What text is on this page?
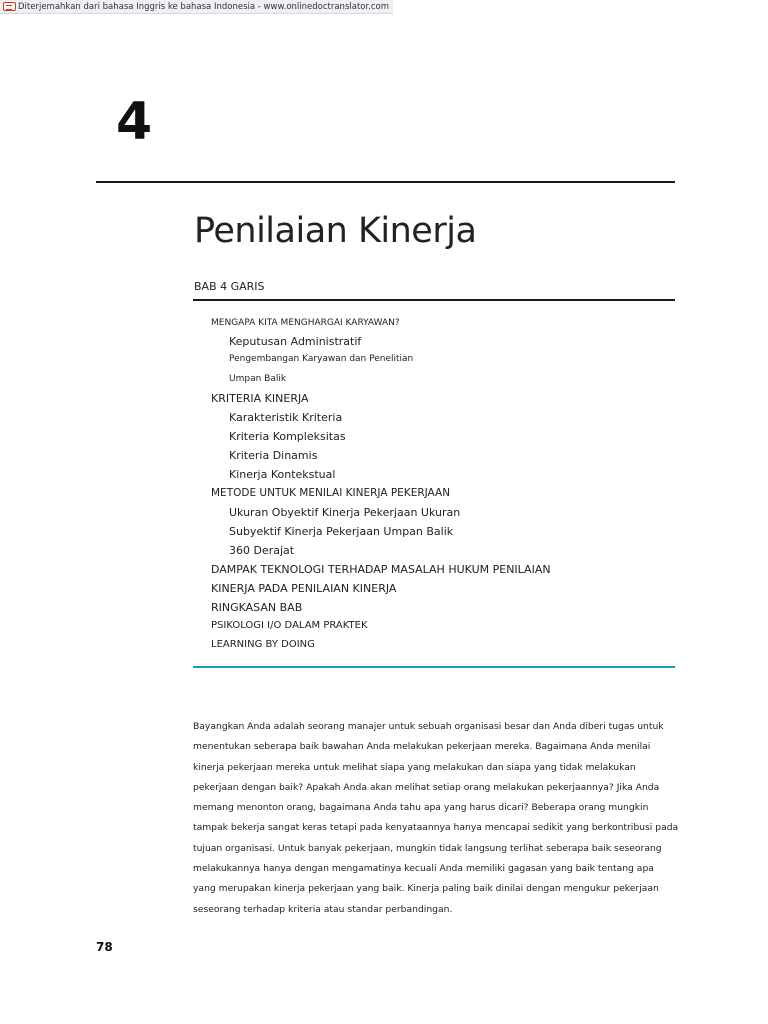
Diterjemahkan dari bahasa Inggris ke bahasa Indonesia - www.onlinedoctranslator.com
4
Penilaian Kinerja
BAB 4 GARIS
MENGAPA KITA MENGHARGAI KARYAWAN?
Keputusan Administratif
Pengembangan Karyawan dan Penelitian
Umpan Balik
KRITERIA KINERJA
Karakteristik Kriteria
Kriteria Kompleksitas
Kriteria Dinamis
Kinerja Kontekstual
METODE UNTUK MENILAI KINERJA PEKERJAAN
Ukuran Obyektif Kinerja Pekerjaan Ukuran
Subyektif Kinerja Pekerjaan Umpan Balik
360 Derajat
DAMPAK TEKNOLOGI TERHADAP MASALAH HUKUM PENILAIAN
KINERJA PADA PENILAIAN KINERJA
RINGKASAN BAB
PSIKOLOGI I/O DALAM PRAKTEK
LEARNING BY DOING

Bayangkan Anda adalah seorang manajer untuk sebuah organisasi besar dan Anda diberi tugas untuk menentukan seberapa baik bawahan Anda melakukan pekerjaan mereka. Bagaimana Anda menilai kinerja pekerjaan mereka untuk melihat siapa yang melakukan dan siapa yang tidak melakukan pekerjaan dengan baik? Apakah Anda akan melihat setiap orang melakukan pekerjaannya? Jika Anda memang menonton orang, bagaimana Anda tahu apa yang harus dicari? Beberapa orang mungkin tampak bekerja sangat keras tetapi pada kenyataannya hanya mencapai sedikit yang berkontribusi pada tujuan organisasi. Untuk banyak pekerjaan, mungkin tidak langsung terlihat seberapa baik seseorang melakukannya hanya dengan mengamatinya kecuali Anda memiliki gagasan yang baik tentang apa yang merupakan kinerja pekerjaan yang baik. Kinerja paling baik dinilai dengan mengukur pekerjaan seseorang terhadap kriteria atau standar perbandingan.

78
